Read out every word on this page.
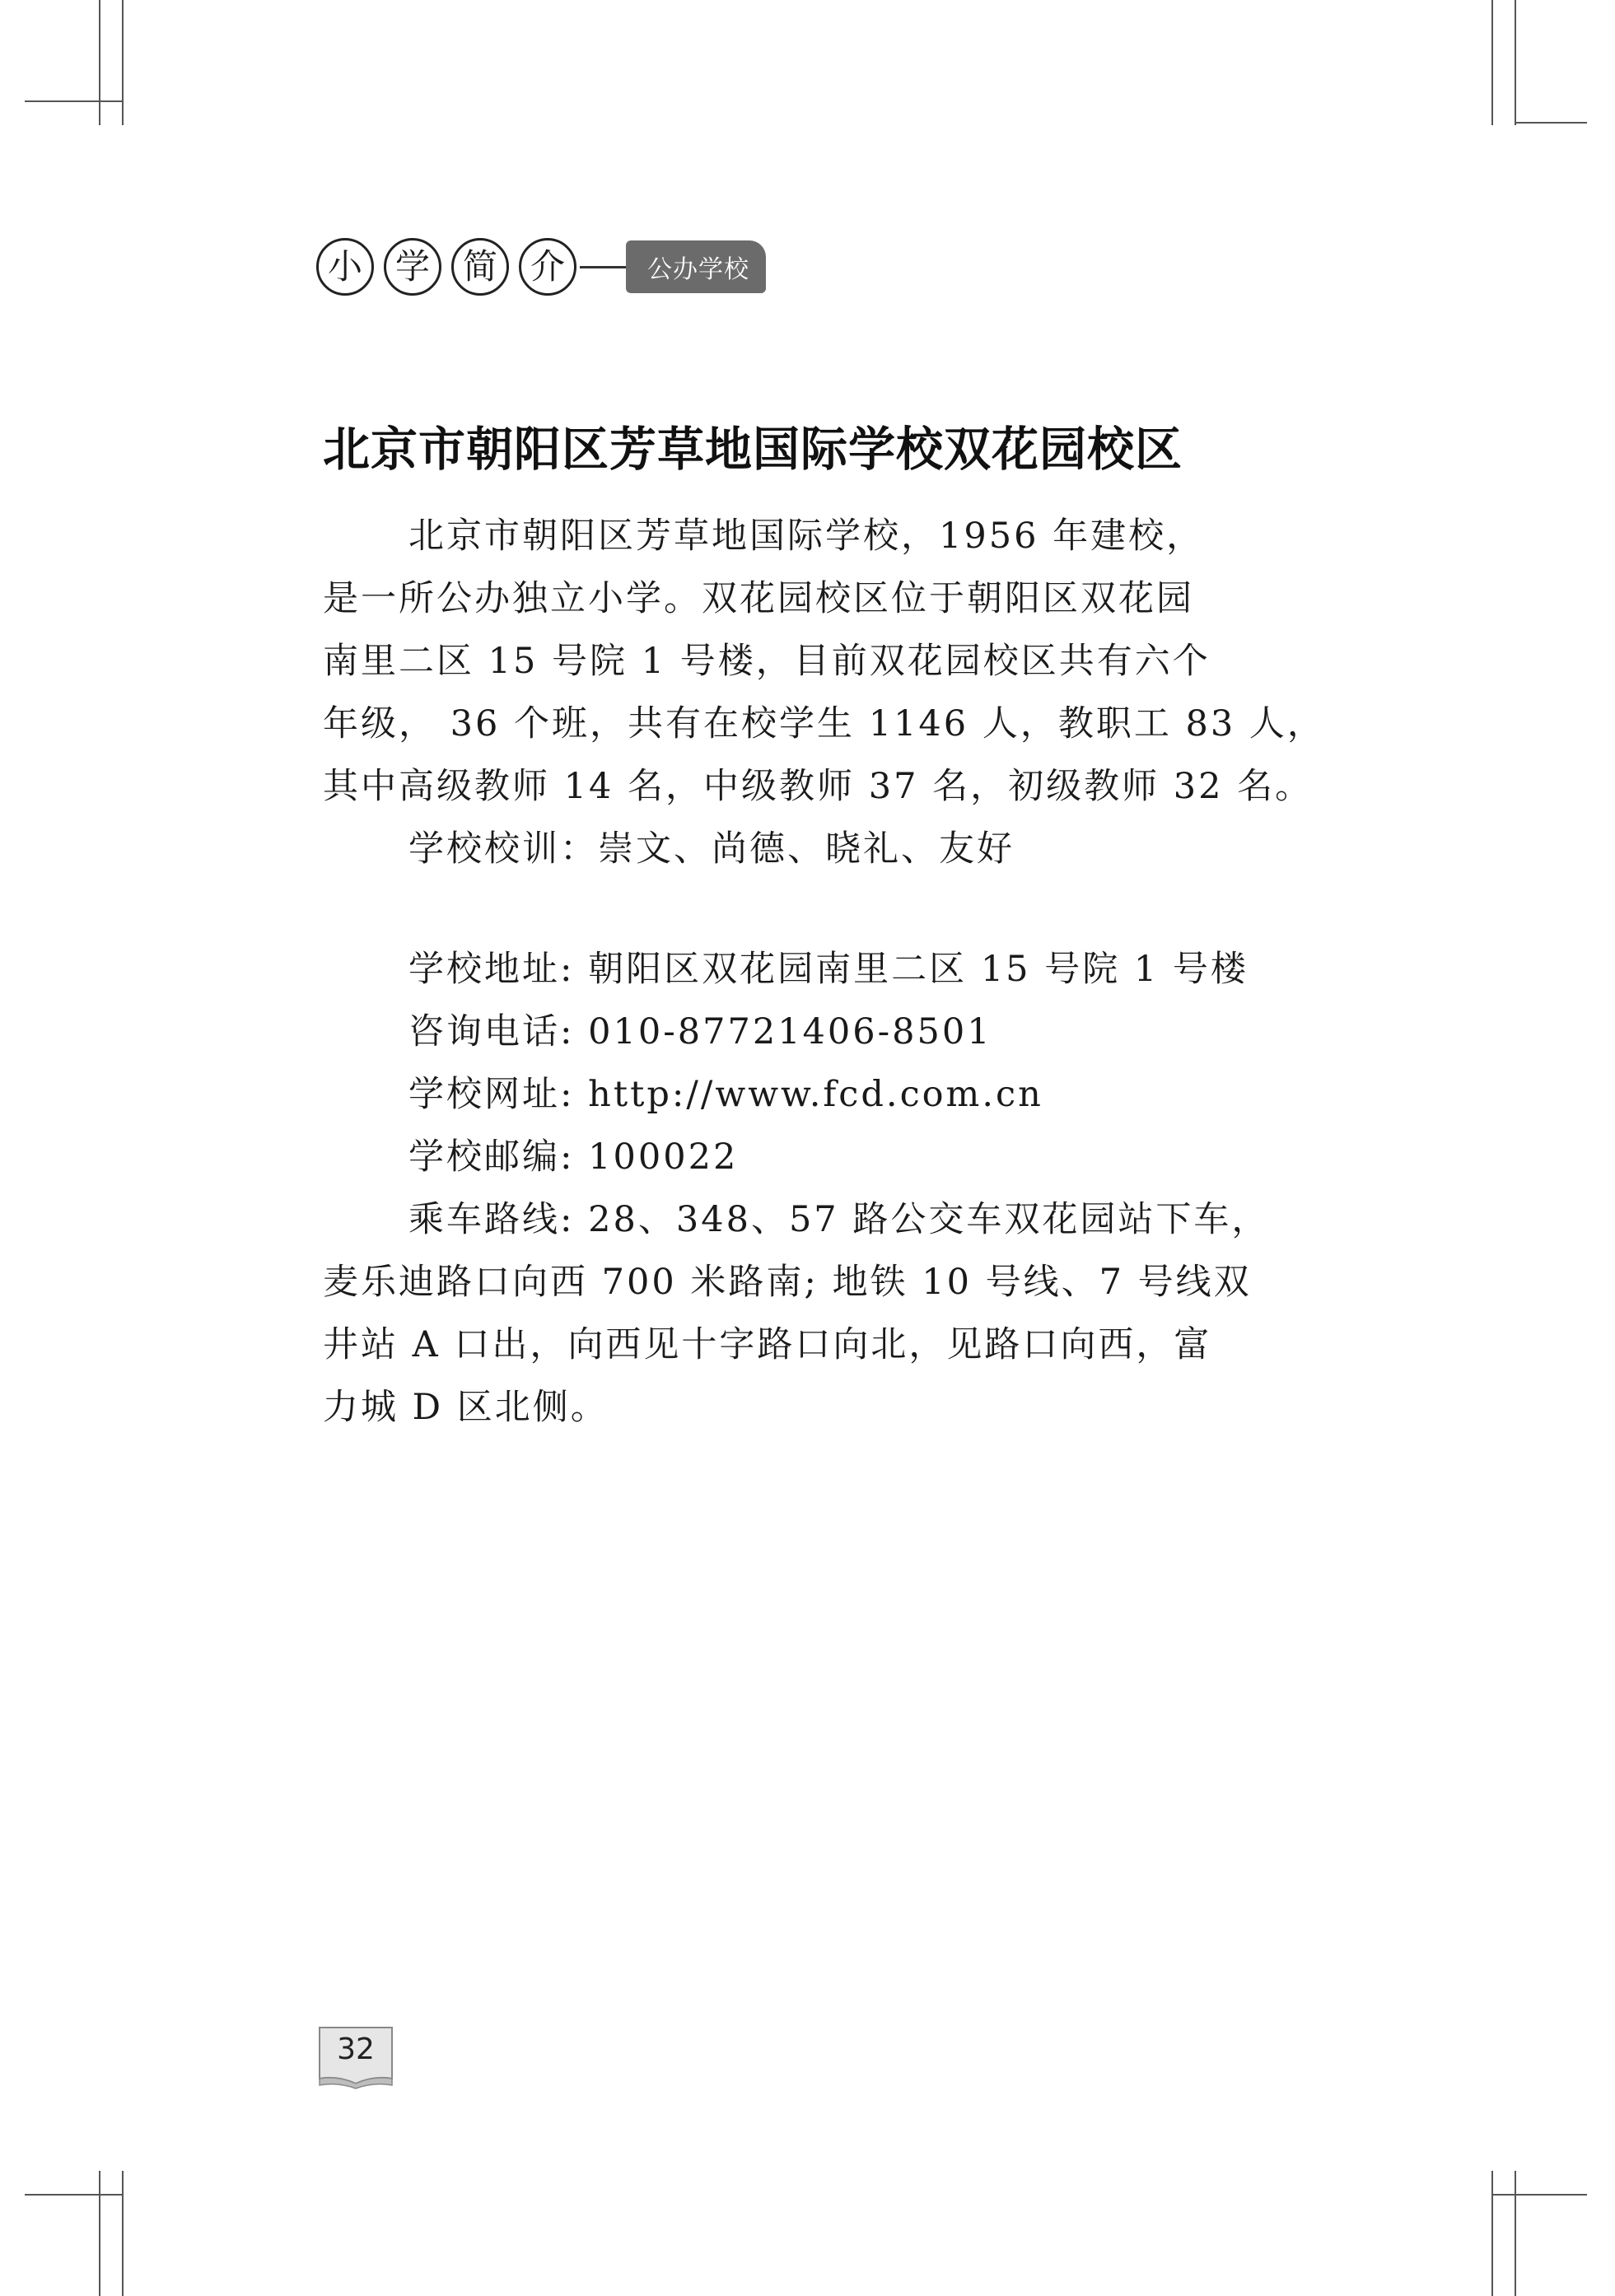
小 学 简 介	公办学校
北京市朝阳区芳草地国际学校双花园校区
北京市朝阳区芳草地国际学校，1956 年建校，
是一所公办独立小学。双花园校区位于朝阳区双花园
南里二区 15 号院 1 号楼，目前双花园校区共有六个
年级， 36 个班，共有在校学生 1146 人，教职工 83 人，
其中高级教师 14 名，中级教师 37 名，初级教师 32 名。
学校校训：崇文、尚德、晓礼、友好
学校地址: 朝阳区双花园南里二区 15 号院 1 号楼
咨询电话: 010-87721406-8501
学校网址: http://www.fcd.com.cn
学校邮编: 100022
乘车路线: 28、348、57 路公交车双花园站下车，
麦乐迪路口向西 700 米路南; 地铁 10 号线、7 号线双
井站 A 口出，向西见十字路口向北，见路口向西，富
力城 D 区北侧。
32
